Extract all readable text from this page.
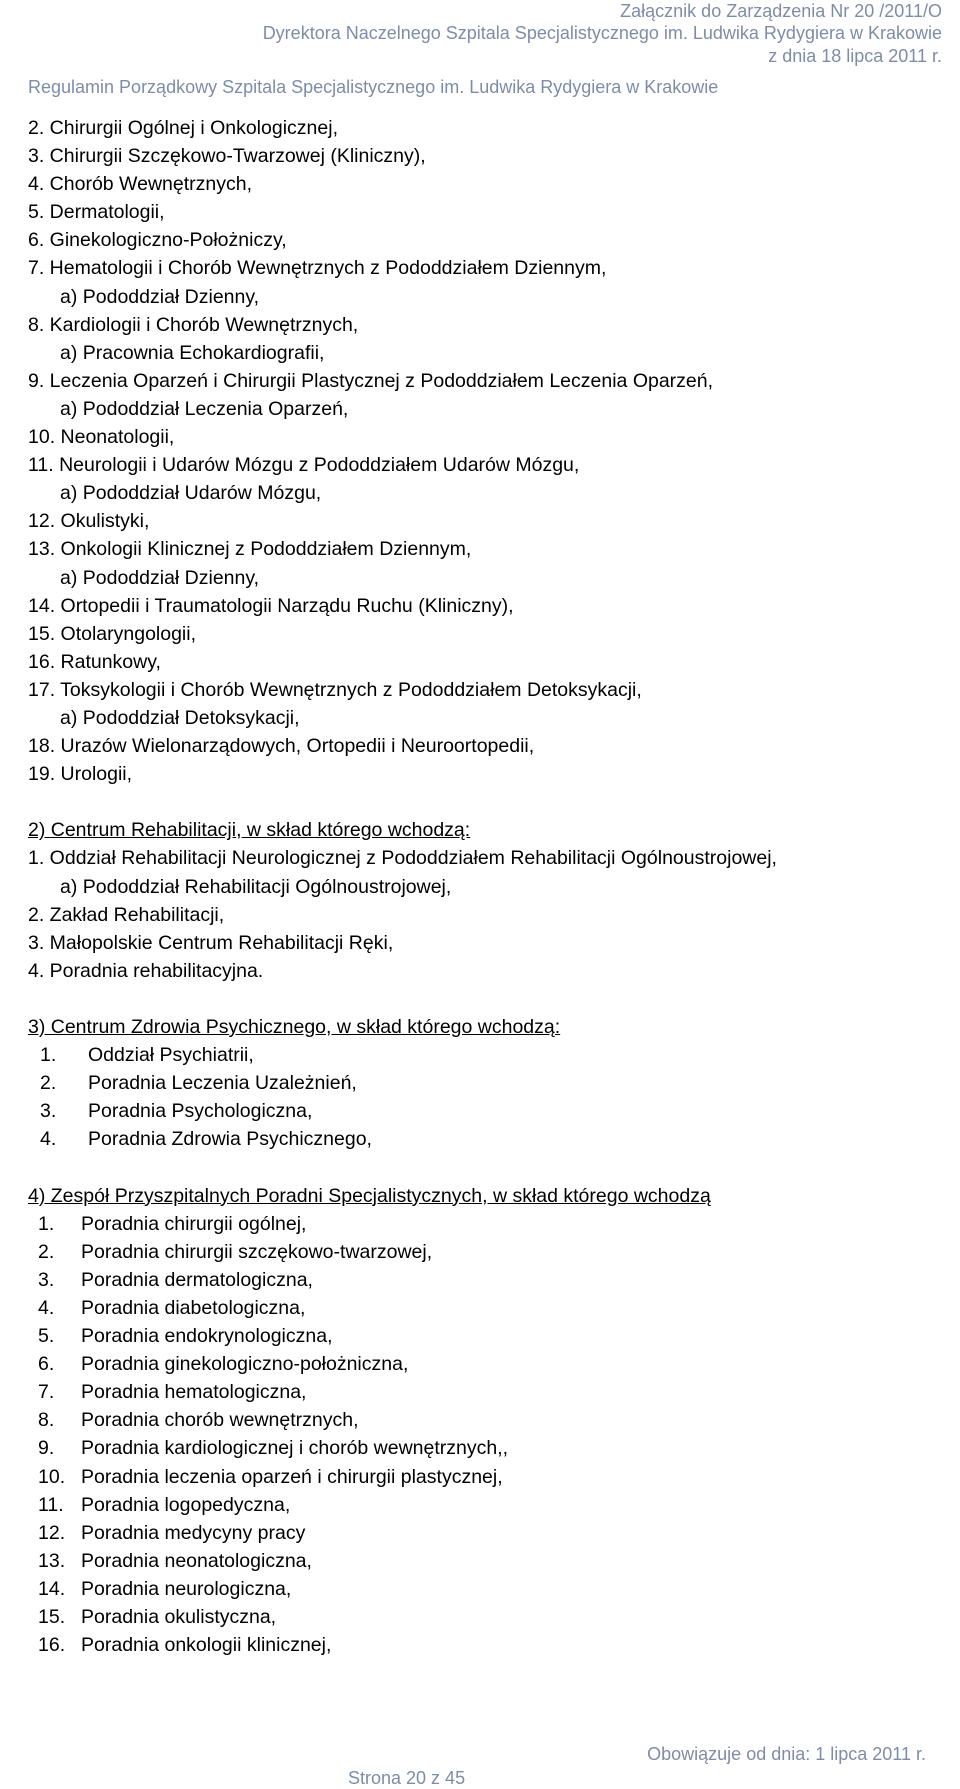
Załącznik do Zarządzenia Nr 20 /2011/O
Dyrektora Naczelnego Szpitala Specjalistycznego im. Ludwika Rydygiera w Krakowie
z dnia 18 lipca 2011 r.
Regulamin Porządkowy Szpitala Specjalistycznego im. Ludwika Rydygiera w Krakowie
2. Chirurgii Ogólnej i Onkologicznej,
3. Chirurgii Szczękowo-Twarzowej (Kliniczny),
4. Chorób Wewnętrznych,
5. Dermatologii,
6. Ginekologiczno-Położniczy,
7. Hematologii i Chorób Wewnętrznych z Pododdziałem Dziennym,
a) Pododdział Dzienny,
8. Kardiologii i Chorób Wewnętrznych,
a) Pracownia Echokardiografii,
9. Leczenia Oparzeń i Chirurgii Plastycznej z Pododdziałem Leczenia Oparzeń,
a) Pododdział Leczenia Oparzeń,
10. Neonatologii,
11. Neurologii i Udarów Mózgu z Pododdziałem Udarów Mózgu,
a) Pododdział Udarów Mózgu,
12. Okulistyki,
13. Onkologii Klinicznej z Pododdziałem Dziennym,
a) Pododdział Dzienny,
14. Ortopedii i Traumatologii Narządu Ruchu (Kliniczny),
15. Otolaryngologii,
16. Ratunkowy,
17. Toksykologii i Chorób Wewnętrznych z Pododdziałem Detoksykacji,
a) Pododdział Detoksykacji,
18. Urazów Wielonarządowych, Ortopedii i Neuroortopedii,
19. Urologii,
2) Centrum Rehabilitacji, w skład którego wchodzą:
1. Oddział Rehabilitacji Neurologicznej z Pododdziałem Rehabilitacji Ogólnoustrojowej,
a) Pododdział Rehabilitacji Ogólnoustrojowej,
2. Zakład Rehabilitacji,
3. Małopolskie Centrum Rehabilitacji Ręki,
4. Poradnia rehabilitacyjna.
3) Centrum Zdrowia Psychicznego, w skład którego wchodzą:
1. Oddział Psychiatrii,
2. Poradnia Leczenia Uzależnień,
3. Poradnia Psychologiczna,
4. Poradnia Zdrowia Psychicznego,
4) Zespół Przyszpitalnych Poradni Specjalistycznych, w skład którego wchodzą
1. Poradnia chirurgii ogólnej,
2. Poradnia chirurgii szczękowo-twarzowej,
3. Poradnia dermatologiczna,
4. Poradnia diabetologiczna,
5. Poradnia endokrynologiczna,
6. Poradnia ginekologiczno-położniczna,
7. Poradnia hematologiczna,
8. Poradnia chorób wewnętrznych,
9. Poradnia kardiologicznej i chorób wewnętrznych,,
10. Poradnia leczenia oparzeń i chirurgii plastycznej,
11. Poradnia logopedyczna,
12. Poradnia medycyny pracy
13. Poradnia neonatologiczna,
14. Poradnia neurologiczna,
15. Poradnia okulistyczna,
16. Poradnia onkologii klinicznej,
Obowiązuje od dnia: 1 lipca 2011 r.
Strona 20 z 45
